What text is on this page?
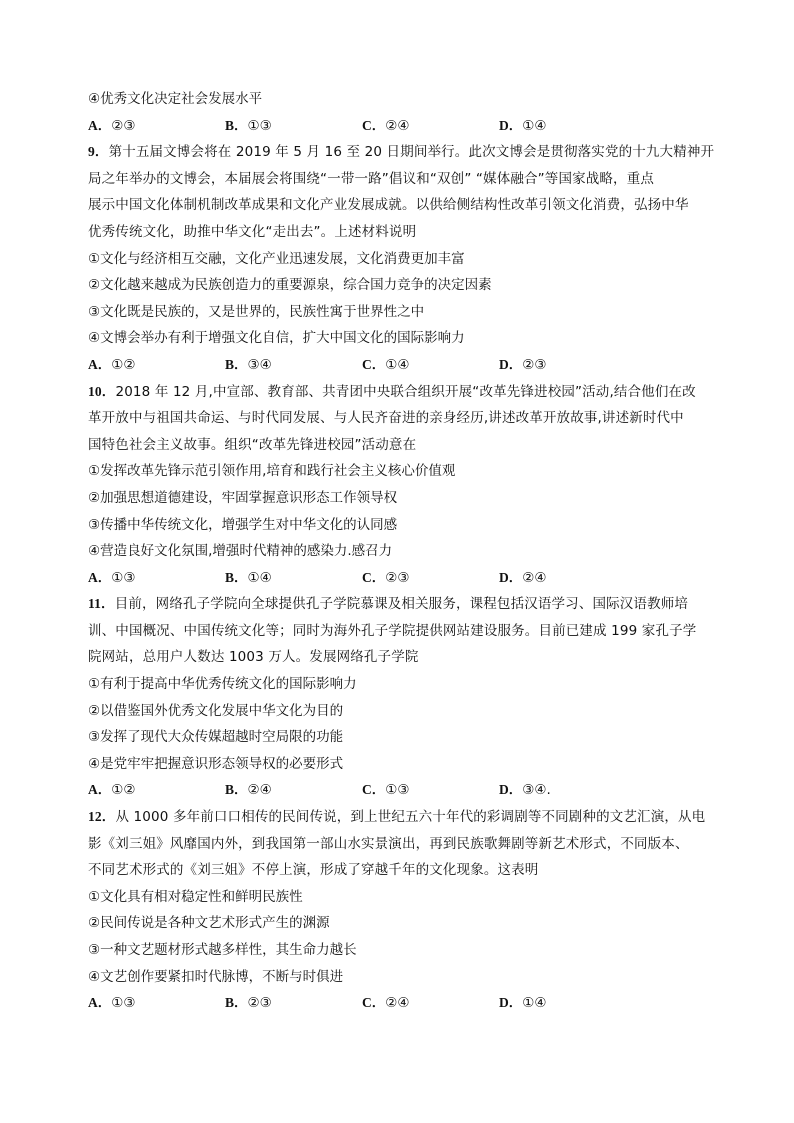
④优秀文化决定社会发展水平
A．②③	B．①③	C．②④	D．①④
9．第十五届文博会将在 2019 年 5 月 16 至 20 日期间举行。此次文博会是贯彻落实党的十九大精神开
局之年举办的文博会，本届展会将围绕“一带一路”倡议和“双创” “媒体融合”等国家战略，重点
展示中国文化体制机制改革成果和文化产业发展成就。以供给侧结构性改革引领文化消费，弘扬中华
优秀传统文化，助推中华文化“走出去”。上述材料说明
①文化与经济相互交融，文化产业迅速发展，文化消费更加丰富
②文化越来越成为民族创造力的重要源泉，综合国力竞争的决定因素
③文化既是民族的，又是世界的，民族性寓于世界性之中
④文博会举办有利于增强文化自信，扩大中国文化的国际影响力
A．①②	B．③④	C．①④	D．②③
10．2018 年 12 月,中宣部、教育部、共青团中央联合组织开展“改革先锋进校园”活动,结合他们在改
革开放中与祖国共命运、与时代同发展、与人民齐奋进的亲身经历,讲述改革开放故事,讲述新时代中
国特色社会主义故事。组织“改革先锋进校园”活动意在
①发挥改革先锋示范引领作用,培育和践行社会主义核心价值观
②加强思想道德建设，牢固掌握意识形态工作领导权
③传播中华传统文化，增强学生对中华文化的认同感
④营造良好文化氛围,增强时代精神的感染力.感召力
A．①③	B．①④	C．②③	D．②④
11．目前，网络孔子学院向全球提供孔子学院慕课及相关服务，课程包括汉语学习、国际汉语教师培
训、中国概况、中国传统文化等；同时为海外孔子学院提供网站建设服务。目前已建成 199 家孔子学
院网站，总用户人数达 1003 万人。发展网络孔子学院
①有利于提高中华优秀传统文化的国际影响力
②以借鉴国外优秀文化发展中华文化为目的
③发挥了现代大众传媒超越时空局限的功能
④是党牢牢把握意识形态领导权的必要形式
A．①②	B．②④	C．①③	D．③④.
12．从 1000 多年前口口相传的民间传说，到上世纪五六十年代的彩调剧等不同剧种的文艺汇演，从电
影《刘三姐》风靡国内外，到我国第一部山水实景演出，再到民族歌舞剧等新艺术形式，不同版本、
不同艺术形式的《刘三姐》不停上演，形成了穿越千年的文化现象。这表明
①文化具有相对稳定性和鲜明民族性
②民间传说是各种文艺术形式产生的渊源
③一种文艺题材形式越多样性，其生命力越长
④文艺创作要紧扣时代脉博，不断与时俱进
A．①③	B．②③	C．②④	D．①④
